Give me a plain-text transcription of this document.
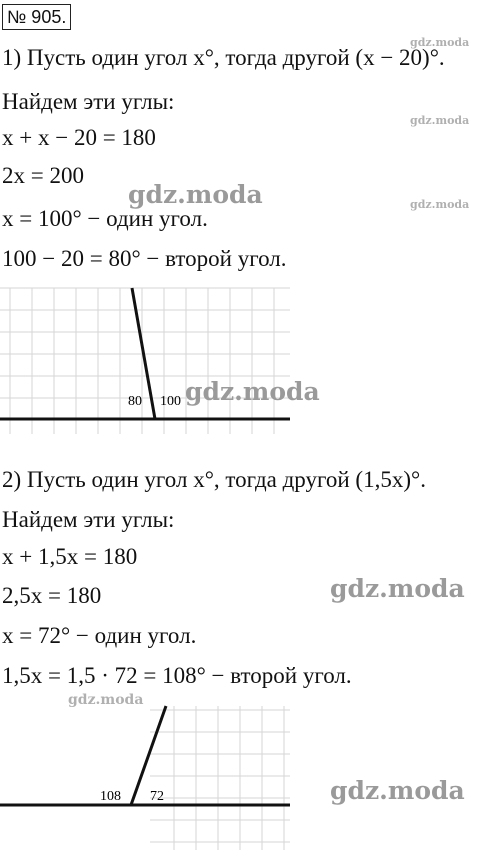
№ 905.
1) Пусть один угол x°, тогда другой (x − 20)°.
Найдем эти углы:
x + x − 20 = 180
2x = 200
x = 100° − один угол.
100 − 20 = 80° − второй угол.
80 100
2) Пусть один угол x°, тогда другой (1,5x)°.
Найдем эти углы:
x + 1,5x = 180
2,5x = 180
x = 72° − один угол.
1,5x = 1,5 · 72 = 108° − второй угол.
108 72
gdz.moda
gdz.moda
gdz.moda
gdz.moda
gdz.moda
gdz.moda
gdz.moda
gdz.moda
